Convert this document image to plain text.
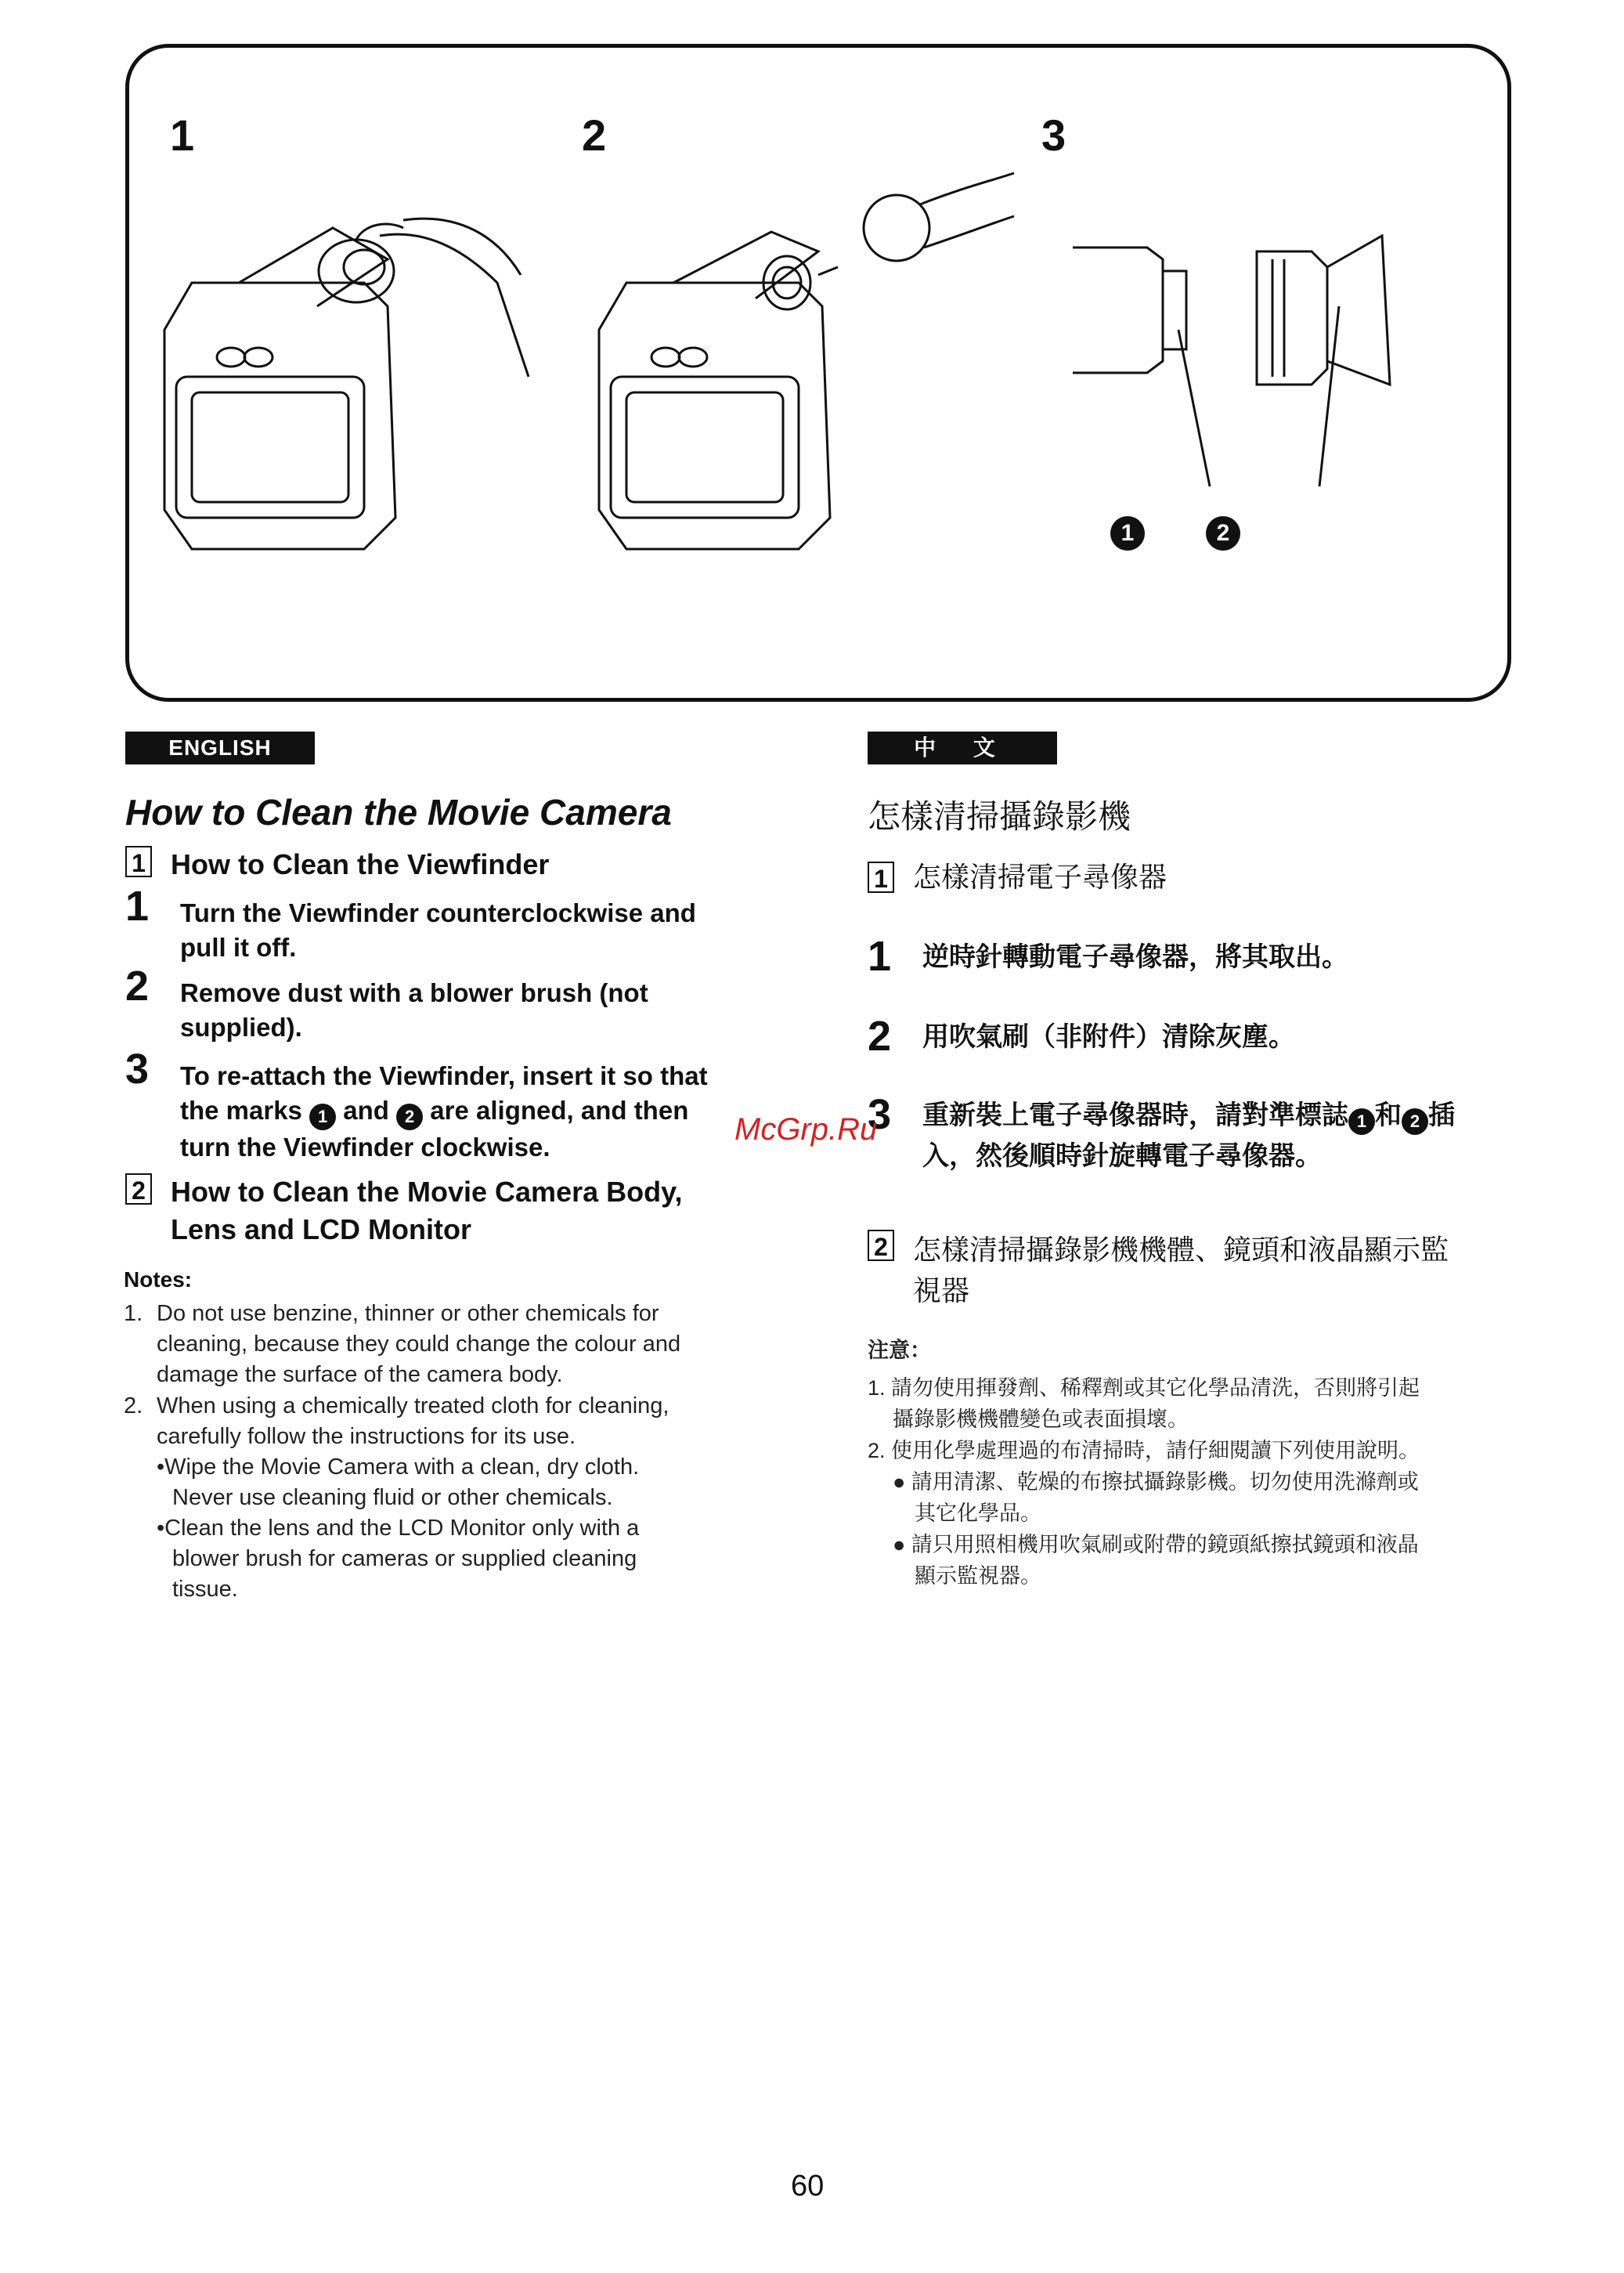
1	2	3
1	2
ENGLISH
How to Clean the Movie Camera
1 How to Clean the Viewfinder
1	Turn the Viewfinder counterclockwise and
pull it off.
2	Remove dust with a blower brush (not
supplied).
3	To re-attach the Viewfinder, insert it so that
the marks 1 and 2 are aligned, and then
turn the Viewfinder clockwise.
2 How to Clean the Movie Camera Body,
Lens and LCD Monitor
Notes:
1. Do not use benzine, thinner or other chemicals for
cleaning, because they could change the colour and
damage the surface of the camera body.
2. When using a chemically treated cloth for cleaning,
carefully follow the instructions for its use.
•Wipe the Movie Camera with a clean, dry cloth.
Never use cleaning fluid or other chemicals.
•Clean the lens and the LCD Monitor only with a
blower brush for cameras or supplied cleaning
tissue.
中 文
怎樣清掃攝錄影機
1 怎樣清掃電子尋像器
1	逆時針轉動電子尋像器，將其取出。
2	用吹氣刷（非附件）清除灰塵。
3	重新裝上電子尋像器時，請對準標誌 1 和 2 插
入，然後順時針旋轉電子尋像器。
2 怎樣清掃攝錄影機機體、鏡頭和液晶顯示監
視器
注意：
1. 請勿使用揮發劑、稀釋劑或其它化學品清洗，否則將引起
攝錄影機機體變色或表面損壞。
2. 使用化學處理過的布清掃時，請仔細閱讀下列使用說明。
● 請用清潔、乾燥的布擦拭攝錄影機。切勿使用洗滌劑或
其它化學品。
● 請只用照相機用吹氣刷或附帶的鏡頭紙擦拭鏡頭和液晶
顯示監視器。
McGrp.Ru
60
